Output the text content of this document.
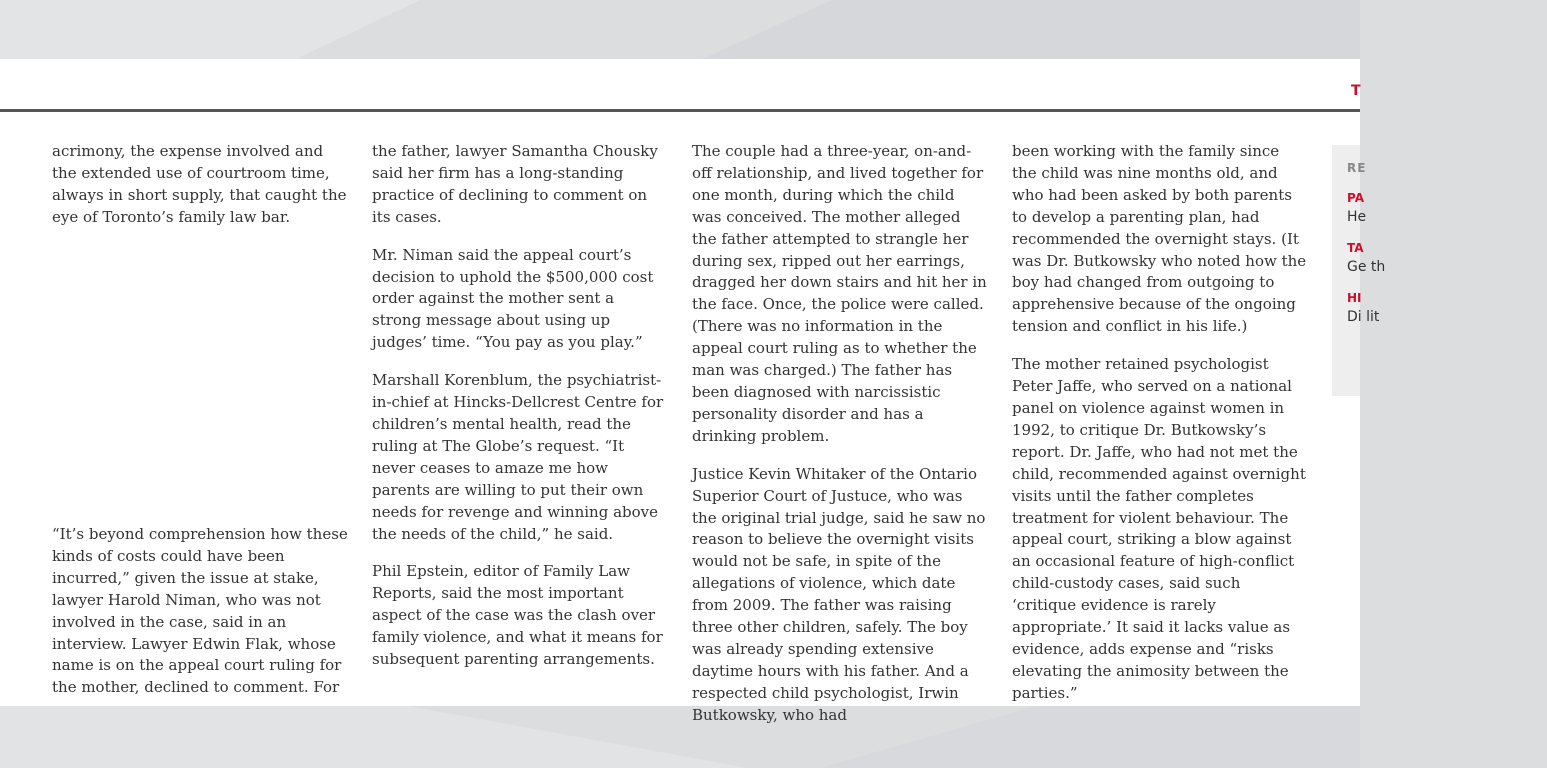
T

acrimony, the expense involved and the extended use of courtroom time, always in short supply, that caught the eye of Toronto’s family law bar.

“It’s beyond comprehension how these kinds of costs could have been incurred,” given the issue at stake, lawyer Harold Niman, who was not involved in the case, said in an interview. Lawyer Edwin Flak, whose name is on the appeal court ruling for the mother, declined to comment. For

the father, lawyer Samantha Chousky said her firm has a long-standing practice of declining to comment on its cases.

Mr. Niman said the appeal court’s decision to uphold the $500,000 cost order against the mother sent a strong message about using up judges’ time. “You pay as you play.”

Marshall Korenblum, the psychiatrist-in-chief at Hincks-Dellcrest Centre for children’s mental health, read the ruling at The Globe’s request. “It never ceases to amaze me how parents are willing to put their own needs for revenge and winning above the needs of the child,” he said.

Phil Epstein, editor of Family Law Reports, said the most important aspect of the case was the clash over family violence, and what it means for subsequent parenting arrangements.

The couple had a three-year, on-and-off relationship, and lived together for one month, during which the child was conceived. The mother alleged the father attempted to strangle her during sex, ripped out her earrings, dragged her down stairs and hit her in the face. Once, the police were called. (There was no information in the appeal court ruling as to whether the man was charged.) The father has been diagnosed with narcissistic personality disorder and has a drinking problem.

Justice Kevin Whitaker of the Ontario Superior Court of Justuce, who was the original trial judge, said he saw no reason to believe the overnight visits would not be safe, in spite of the allegations of violence, which date from 2009. The father was raising three other children, safely. The boy was already spending extensive daytime hours with his father. And a respected child psychologist, Irwin Butkowsky, who had

been working with the family since the child was nine months old, and who had been asked by both parents to develop a parenting plan, had recommended the overnight stays. (It was Dr. Butkowsky who noted how the boy had changed from outgoing to apprehensive because of the ongoing tension and conflict in his life.)

The mother retained psychologist Peter Jaffe, who served on a national panel on violence against women in 1992, to critique Dr. Butkowsky’s report. Dr. Jaffe, who had not met the child, recommended against overnight visits until the father completes treatment for violent behaviour. The appeal court, striking a blow against an occasional feature of high-conflict child-custody cases, said such ‘critique evidence is rarely appropriate.’ It said it lacks value as evidence, adds expense and “risks elevating the animosity between the parties.”

RE
PA
He
TA
Ge th
HI
Di lit
